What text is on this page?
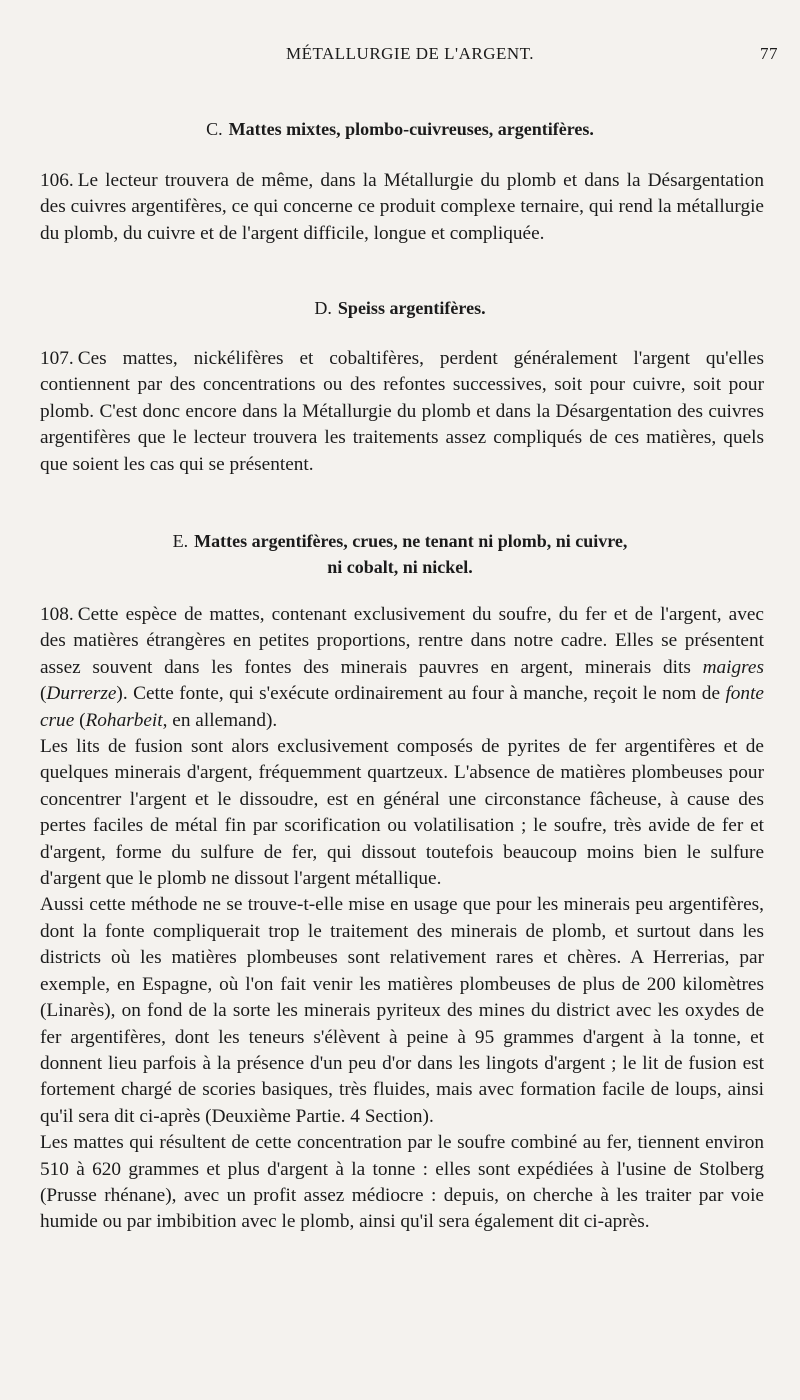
MÉTALLURGIE DE L'ARGENT.	77
C. Mattes mixtes, plombo-cuivreuses, argentifères.

106. Le lecteur trouvera de même, dans la Métallurgie du plomb et dans la Désargentation des cuivres argentifères, ce qui concerne ce produit complexe ternaire, qui rend la métallurgie du plomb, du cuivre et de l'argent difficile, longue et compliquée.

D. Speiss argentifères.

107. Ces mattes, nickélifères et cobaltifères, perdent généralement l'argent qu'elles contiennent par des concentrations ou des refontes successives, soit pour cuivre, soit pour plomb. C'est donc encore dans la Métallurgie du plomb et dans la Désargentation des cuivres argentifères que le lecteur trouvera les traitements assez compliqués de ces matières, quels que soient les cas qui se présentent.

E. Mattes argentifères, crues, ne tenant ni plomb, ni cuivre,
ni cobalt, ni nickel.

108. Cette espèce de mattes, contenant exclusivement du soufre, du fer et de l'argent, avec des matières étrangères en petites proportions, rentre dans notre cadre. Elles se présentent assez souvent dans les fontes des minerais pauvres en argent, minerais dits maigres (Durrerze). Cette fonte, qui s'exécute ordinairement au four à manche, reçoit le nom de fonte crue (Roharbeit, en allemand).

Les lits de fusion sont alors exclusivement composés de pyrites de fer argentifères et de quelques minerais d'argent, fréquemment quartzeux. L'absence de matières plombeuses pour concentrer l'argent et le dissoudre, est en général une circonstance fâcheuse, à cause des pertes faciles de métal fin par scorification ou volatilisation ; le soufre, très avide de fer et d'argent, forme du sulfure de fer, qui dissout toutefois beaucoup moins bien le sulfure d'argent que le plomb ne dissout l'argent métallique.

Aussi cette méthode ne se trouve-t-elle mise en usage que pour les minerais peu argentifères, dont la fonte compliquerait trop le traitement des minerais de plomb, et surtout dans les districts où les matières plombeuses sont relativement rares et chères. A Herrerias, par exemple, en Espagne, où l'on fait venir les matières plombeuses de plus de 200 kilomètres (Linarès), on fond de la sorte les minerais pyriteux des mines du district avec les oxydes de fer argentifères, dont les teneurs s'élèvent à peine à 95 grammes d'argent à la tonne, et donnent lieu parfois à la présence d'un peu d'or dans les lingots d'argent ; le lit de fusion est fortement chargé de scories basiques, très fluides, mais avec formation facile de loups, ainsi qu'il sera dit ci-après (Deuxième Partie. 4 Section).

Les mattes qui résultent de cette concentration par le soufre combiné au fer, tiennent environ 510 à 620 grammes et plus d'argent à la tonne : elles sont expédiées à l'usine de Stolberg (Prusse rhénane), avec un profit assez médiocre : depuis, on cherche à les traiter par voie humide ou par imbibition avec le plomb, ainsi qu'il sera également dit ci-après.
